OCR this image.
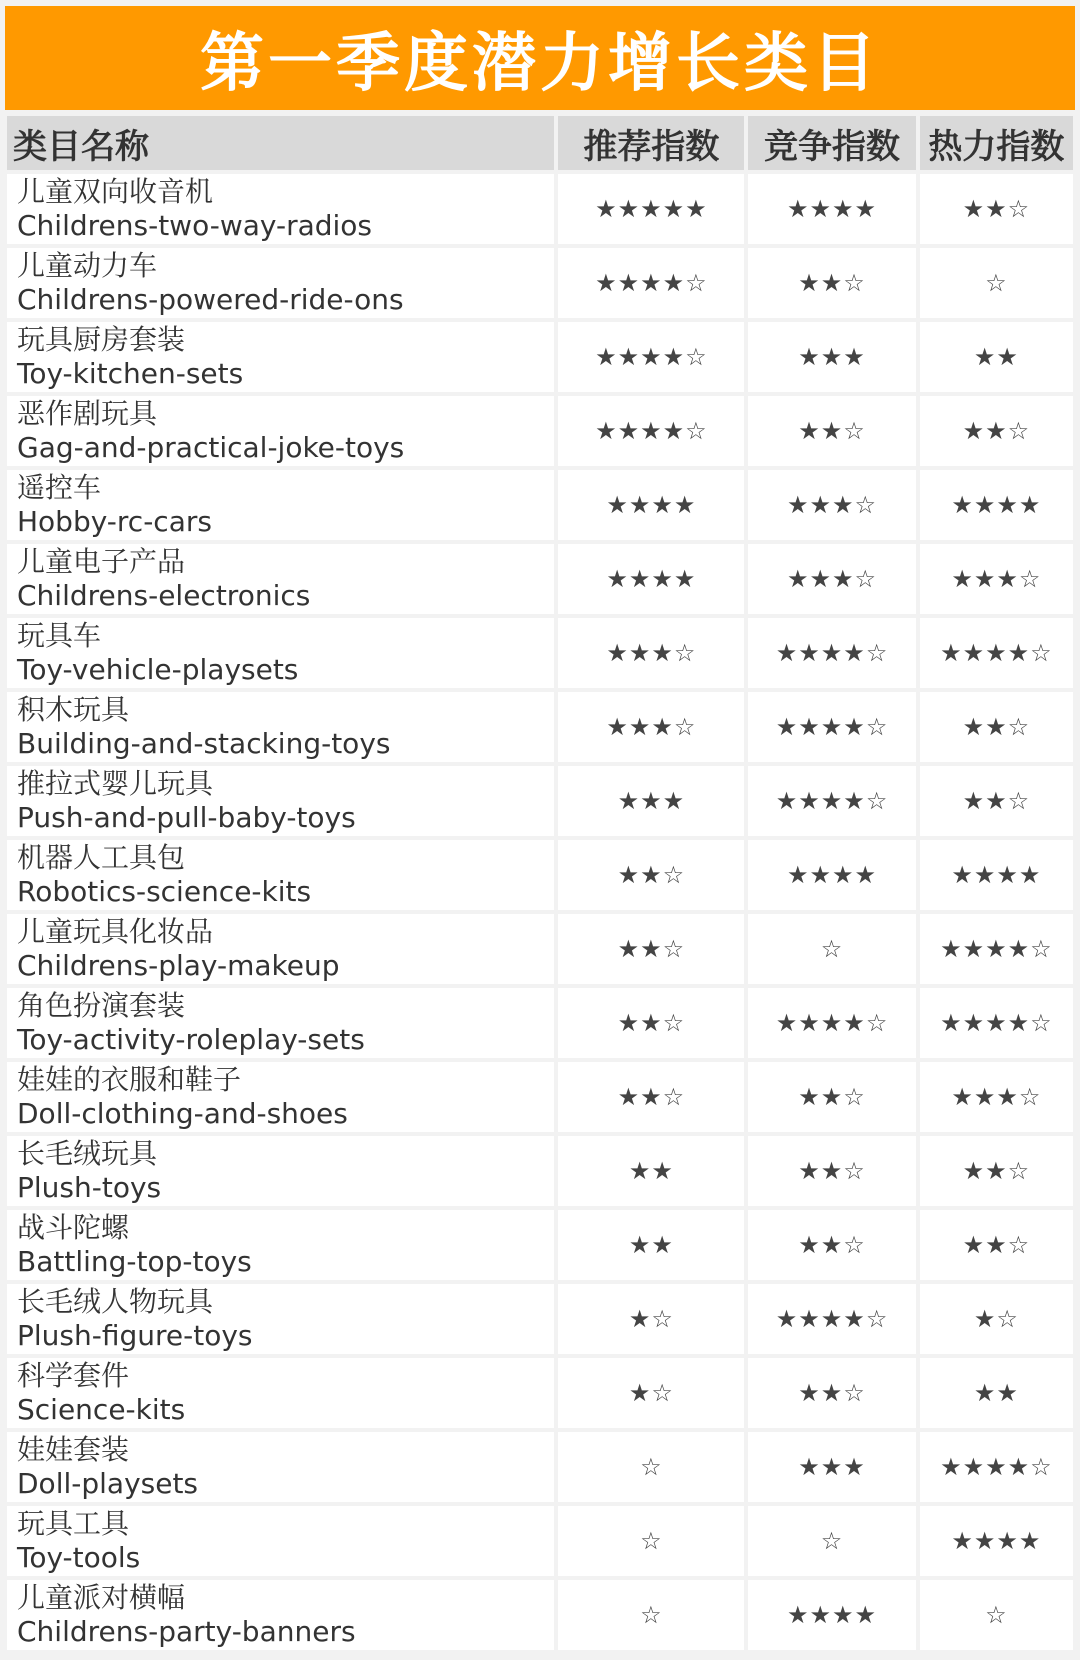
第一季度潜力增长类目
类目名称	推荐指数	竞争指数	热力指数

儿童双向收音机
Childrens-two-way-radios	★★★★★	★★★★	★★☆

儿童动力车
Childrens-powered-ride-ons	★★★★☆	★★☆	☆

玩具厨房套装
Toy-kitchen-sets	★★★★☆	★★★	★★

恶作剧玩具
Gag-and-practical-joke-toys	★★★★☆	★★☆	★★☆

遥控车
Hobby-rc-cars	★★★★	★★★☆	★★★★

儿童电子产品
Childrens-electronics	★★★★	★★★☆	★★★☆

玩具车
Toy-vehicle-playsets	★★★☆	★★★★☆	★★★★☆

积木玩具
Building-and-stacking-toys	★★★☆	★★★★☆	★★☆

推拉式婴儿玩具
Push-and-pull-baby-toys	★★★	★★★★☆	★★☆

机器人工具包
Robotics-science-kits	★★☆	★★★★	★★★★

儿童玩具化妆品
Childrens-play-makeup	★★☆	☆	★★★★☆

角色扮演套装
Toy-activity-roleplay-sets	★★☆	★★★★☆	★★★★☆

娃娃的衣服和鞋子
Doll-clothing-and-shoes	★★☆	★★☆	★★★☆

长毛绒玩具
Plush-toys	★★	★★☆	★★☆

战斗陀螺
Battling-top-toys	★★	★★☆	★★☆

长毛绒人物玩具
Plush-figure-toys	★☆	★★★★☆	★☆

科学套件
Science-kits	★☆	★★☆	★★

娃娃套装
Doll-playsets	☆	★★★	★★★★☆

玩具工具
Toy-tools	☆	☆	★★★★

儿童派对横幅
Childrens-party-banners	☆	★★★★	☆
